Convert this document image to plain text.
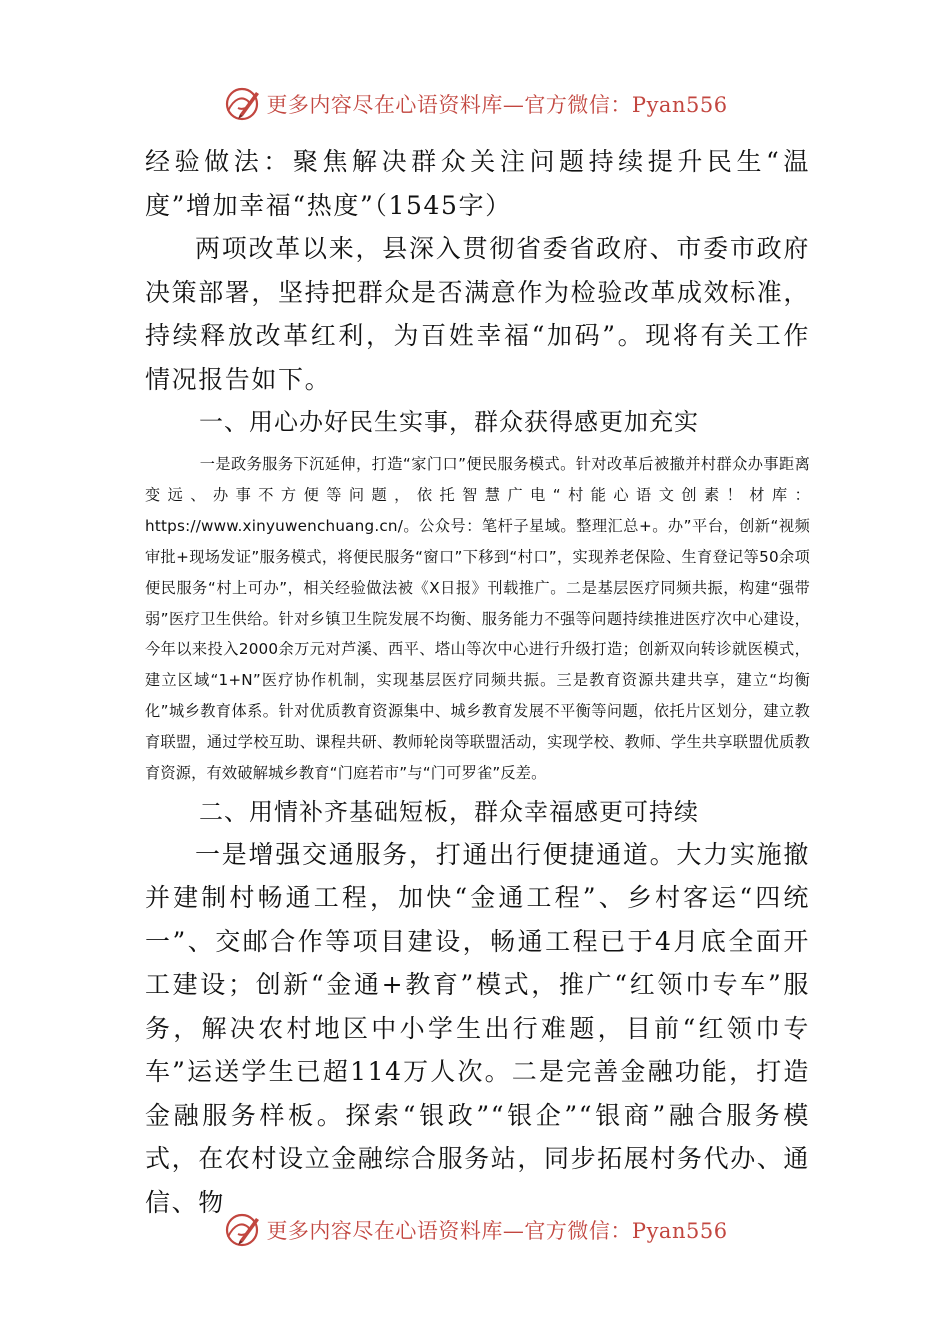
更多内容尽在心语资料库—官方微信：Pyan556

经验做法：聚焦解决群众关注问题持续提升民生“温度”增加幸福“热度”（1545字）

两项改革以来，县深入贯彻省委省政府、市委市政府决策部署，坚持把群众是否满意作为检验改革成效标准，持续释放改革红利，为百姓幸福“加码”。现将有关工作情况报告如下。

一、用心办好民生实事，群众获得感更加充实

一是政务服务下沉延伸，打造“家门口”便民服务模式。针对改革后被撤并村群众办事距离变远、办事不方便等问题，依托智慧广电“村能心语文创素！材库：https://www.xinyuwenchuang.cn/。公众号：笔杆子星域。整理汇总+。办”平台，创新“视频审批+现场发证”服务模式，将便民服务“窗口”下移到“村口”，实现养老保险、生育登记等50余项便民服务“村上可办”，相关经验做法被《X日报》刊载推广。二是基层医疗同频共振，构建“强带弱”医疗卫生供给。针对乡镇卫生院发展不均衡、服务能力不强等问题持续推进医疗次中心建设，今年以来投入2000余万元对芦溪、西平、塔山等次中心进行升级打造；创新双向转诊就医模式，建立区域“1+N”医疗协作机制，实现基层医疗同频共振。三是教育资源共建共享，建立“均衡化”城乡教育体系。针对优质教育资源集中、城乡教育发展不平衡等问题，依托片区划分，建立教育联盟，通过学校互助、课程共研、教师轮岗等联盟活动，实现学校、教师、学生共享联盟优质教育资源，有效破解城乡教育“门庭若市”与“门可罗雀”反差。

二、用情补齐基础短板，群众幸福感更可持续

一是增强交通服务，打通出行便捷通道。大力实施撤并建制村畅通工程，加快“金通工程”、乡村客运“四统一”、交邮合作等项目建设，畅通工程已于4月底全面开工建设；创新“金通+教育”模式，推广“红领巾专车”服务，解决农村地区中小学生出行难题，目前“红领巾专车”运送学生已超114万人次。二是完善金融功能，打造金融服务样板。探索“银政”“银企”“银商”融合服务模式，在农村设立金融综合服务站，同步拓展村务代办、通信、物

更多内容尽在心语资料库—官方微信：Pyan556
